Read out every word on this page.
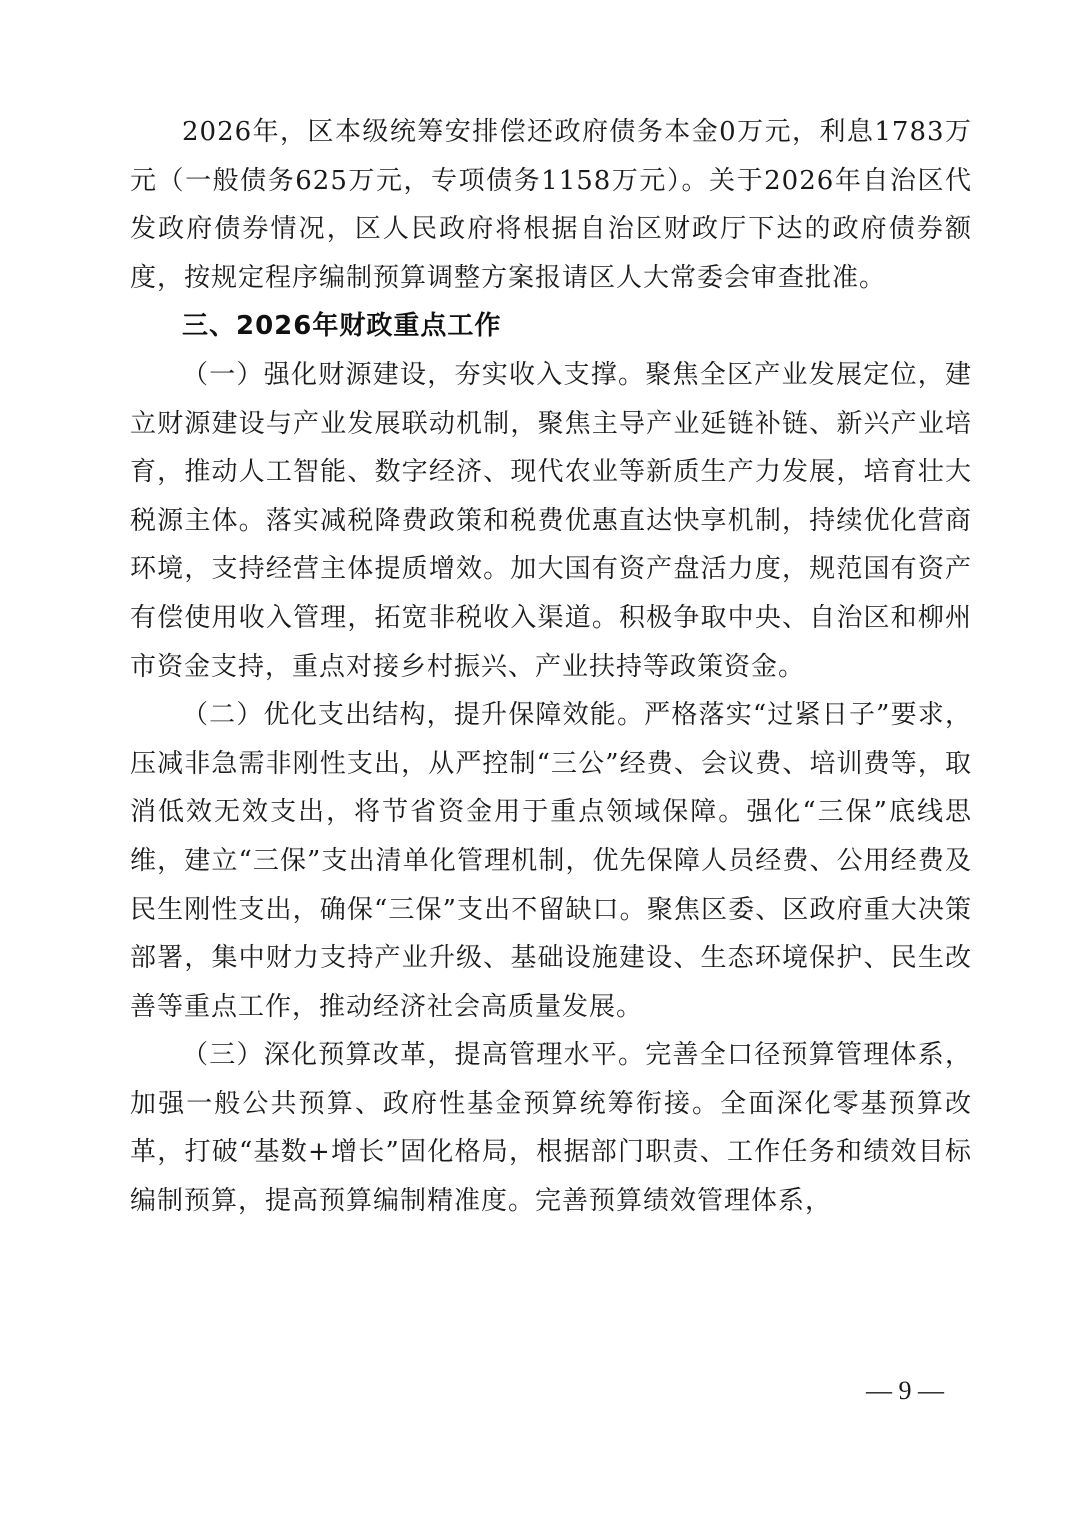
2026年，区本级统筹安排偿还政府债务本金0万元，利息1783万元（一般债务625万元，专项债务1158万元）。关于2026年自治区代发政府债券情况，区人民政府将根据自治区财政厅下达的政府债券额度，按规定程序编制预算调整方案报请区人大常委会审查批准。

三、2026年财政重点工作

（一）强化财源建设，夯实收入支撑。聚焦全区产业发展定位，建立财源建设与产业发展联动机制，聚焦主导产业延链补链、新兴产业培育，推动人工智能、数字经济、现代农业等新质生产力发展，培育壮大税源主体。落实减税降费政策和税费优惠直达快享机制，持续优化营商环境，支持经营主体提质增效。加大国有资产盘活力度，规范国有资产有偿使用收入管理，拓宽非税收入渠道。积极争取中央、自治区和柳州市资金支持，重点对接乡村振兴、产业扶持等政策资金。

（二）优化支出结构，提升保障效能。严格落实“过紧日子”要求，压减非急需非刚性支出，从严控制“三公”经费、会议费、培训费等，取消低效无效支出，将节省资金用于重点领域保障。强化“三保”底线思维，建立“三保”支出清单化管理机制，优先保障人员经费、公用经费及民生刚性支出，确保“三保”支出不留缺口。聚焦区委、区政府重大决策部署，集中财力支持产业升级、基础设施建设、生态环境保护、民生改善等重点工作，推动经济社会高质量发展。

（三）深化预算改革，提高管理水平。完善全口径预算管理体系，加强一般公共预算、政府性基金预算统筹衔接。全面深化零基预算改革，打破“基数+增长”固化格局，根据部门职责、工作任务和绩效目标编制预算，提高预算编制精准度。完善预算绩效管理体系，

— 9 —
